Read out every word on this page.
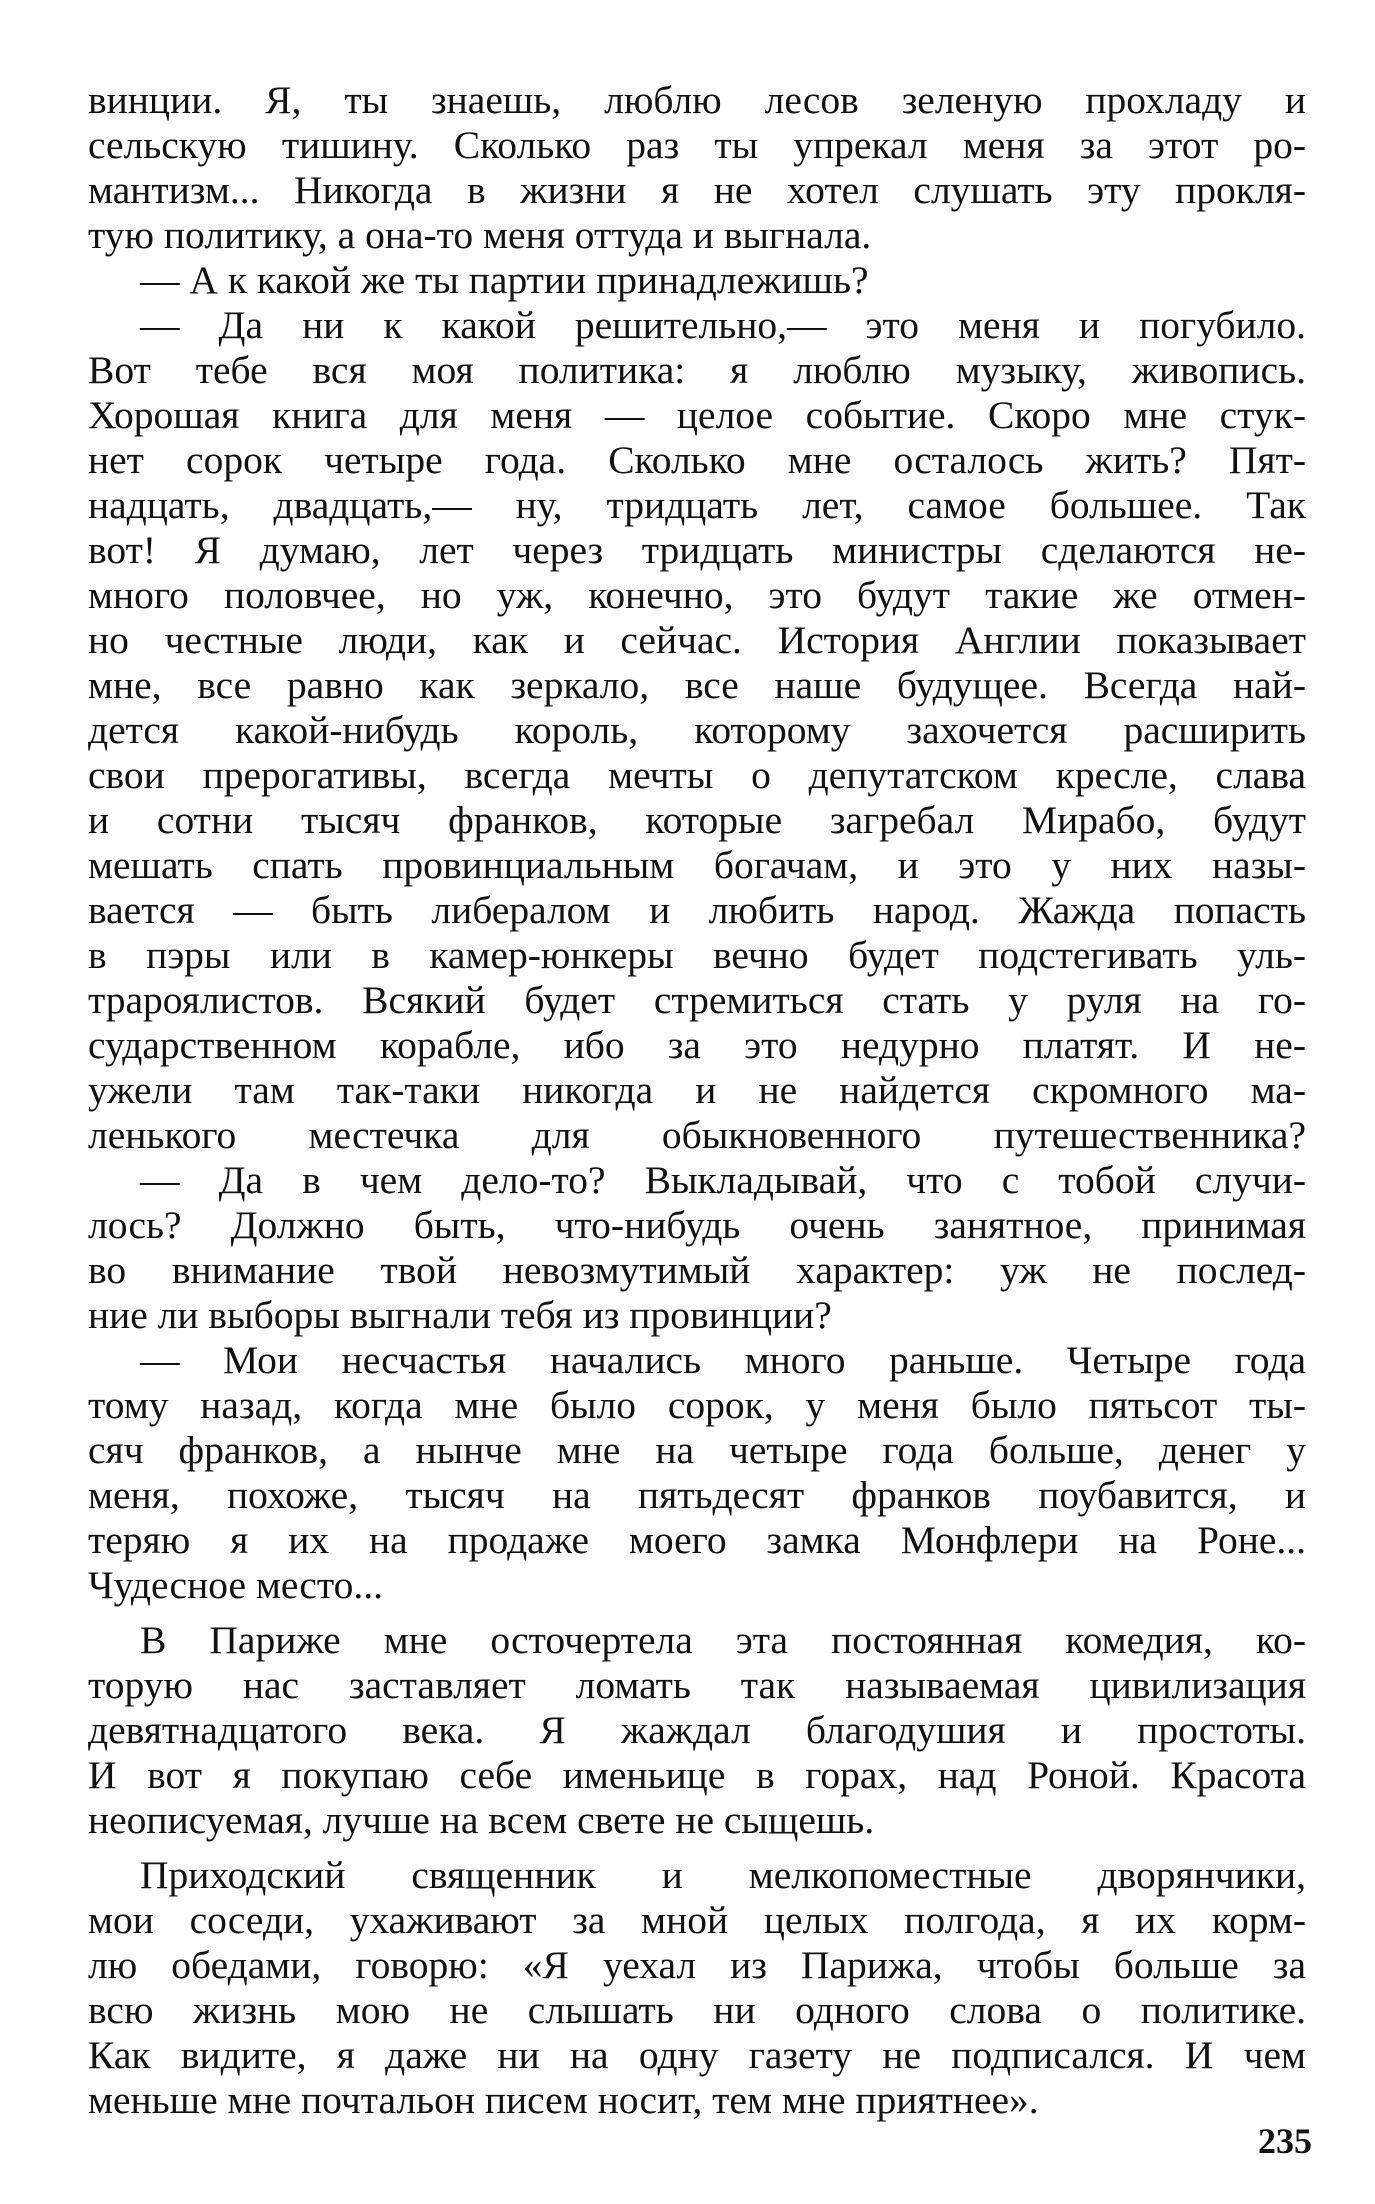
винции. Я, ты знаешь, люблю лесов зеленую прохладу и
сельскую тишину. Сколько раз ты упрекал меня за этот ро-
мантизм... Никогда в жизни я не хотел слушать эту прокля-
тую политику, а она-то меня оттуда и выгнала.
— А к какой же ты партии принадлежишь?
— Да ни к какой решительно,— это меня и погубило.
Вот тебе вся моя политика: я люблю музыку, живопись.
Хорошая книга для меня — целое событие. Скоро мне стук-
нет сорок четыре года. Сколько мне осталось жить? Пят-
надцать, двадцать,— ну, тридцать лет, самое большее. Так
вот! Я думаю, лет через тридцать министры сделаются не-
много половчее, но уж, конечно, это будут такие же отмен-
но честные люди, как и сейчас. История Англии показывает
мне, все равно как зеркало, все наше будущее. Всегда най-
дется какой-нибудь король, которому захочется расширить
свои прерогативы, всегда мечты о депутатском кресле, слава
и сотни тысяч франков, которые загребал Мирабо, будут
мешать спать провинциальным богачам, и это у них назы-
вается — быть либералом и любить народ. Жажда попасть
в пэры или в камер-юнкеры вечно будет подстегивать уль-
трароялистов. Всякий будет стремиться стать у руля на го-
сударственном корабле, ибо за это недурно платят. И не-
ужели там так-таки никогда и не найдется скромного ма-
ленького местечка для обыкновенного путешественника?
— Да в чем дело-то? Выкладывай, что с тобой случи-
лось? Должно быть, что-нибудь очень занятное, принимая
во внимание твой невозмутимый характер: уж не послед-
ние ли выборы выгнали тебя из провинции?
— Мои несчастья начались много раньше. Четыре года
тому назад, когда мне было сорок, у меня было пятьсот ты-
сяч франков, а нынче мне на четыре года больше, денег у
меня, похоже, тысяч на пятьдесят франков поубавится, и
теряю я их на продаже моего замка Монфлери на Роне...
Чудесное место...
В Париже мне осточертела эта постоянная комедия, ко-
торую нас заставляет ломать так называемая цивилизация
девятнадцатого века. Я жаждал благодушия и простоты.
И вот я покупаю себе именьице в горах, над Роной. Красота
неописуемая, лучше на всем свете не сыщешь.
Приходский священник и мелкопоместные дворянчики,
мои соседи, ухаживают за мной целых полгода, я их корм-
лю обедами, говорю: «Я уехал из Парижа, чтобы больше за
всю жизнь мою не слышать ни одного слова о политике.
Как видите, я даже ни на одну газету не подписался. И чем
меньше мне почтальон писем носит, тем мне приятнее».
235
